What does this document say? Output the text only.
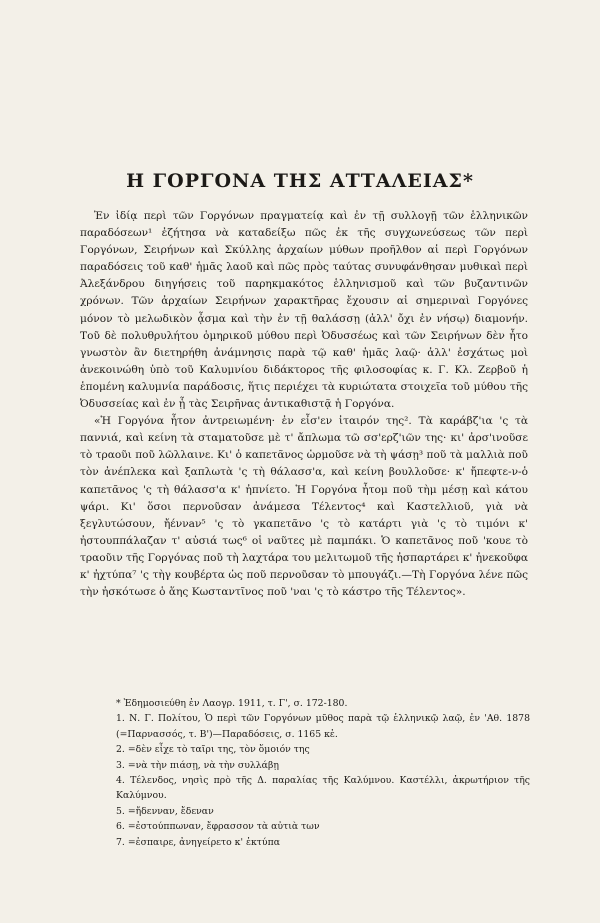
Η ΓΟΡΓΟΝΑ ΤΗΣ ΑΤΤΑΛΕΙΑΣ*

Ἐν ἰδίᾳ περὶ τῶν Γοργόνων πραγματείᾳ καὶ ἐν τῇ συλλογῇ τῶν ἑλληνικῶν παραδόσεων¹ ἐζήτησα νὰ καταδείξω πῶς ἐκ τῆς συγχωνεύσεως τῶν περὶ Γοργόνων, Σειρήνων καὶ Σκύλλης ἀρχαίων μύθων προῆλθον αἱ περὶ Γοργόνων παραδόσεις τοῦ καθ' ἡμᾶς λαοῦ καὶ πῶς πρὸς ταύτας συνυφάνθησαν μυθικαὶ περὶ Ἀλεξάνδρου διηγήσεις τοῦ παρηκμακότος ἑλληνισμοῦ καὶ τῶν βυζαντινῶν χρόνων. Τῶν ἀρχαίων Σειρήνων χαρακτῆρας ἔχουσιν αἱ σημεριναὶ Γοργόνες μόνον τὸ μελωδικὸν ᾆσμα καὶ τὴν ἐν τῇ θαλάσσῃ (ἀλλ' ὄχι ἐν νήσῳ) διαμονήν. Τοῦ δὲ πολυθρυλήτου ὁμηρικοῦ μύθου περὶ Ὀδυσσέως καὶ τῶν Σειρήνων δὲν ἦτο γνωστὸν ἂν διετηρήθη ἀνάμνησις παρὰ τῷ καθ' ἡμᾶς λαῷ· ἀλλ' ἐσχάτως μοὶ ἀνεκοινώθη ὑπὸ τοῦ Καλυμνίου διδάκτορος τῆς φιλοσοφίας κ. Γ. Κλ. Ζερβοῦ ἡ ἑπομένη καλυμνία παράδοσις, ἥτις περιέχει τὰ κυριώτατα στοιχεῖα τοῦ μύθου τῆς Ὀδυσσείας καὶ ἐν ᾗ τὰς Σειρῆνας ἀντικαθιστᾷ ἡ Γοργόνα.

«Ἡ Γοργόνα ἦτον ἀντρειωμένη· ἐν εἶσ'εν ἰταιρόν της². Τὰ καράβζ'ια 'ς τὰ παννιά, καὶ κείνη τὰ σταματοῦσε μὲ τ' ἄπλωμα τῶ σσ'ερζ'ιῶν της· κι' ἀρσ'ινοῦσε τὸ τραοῦι ποῦ λῶλλαινε. Κι' ὁ καπετᾶνος ὡρμοῦσε νὰ τὴ ψάσῃ³ ποῦ τὰ μαλλιὰ ποῦ τὸν ἀνέπλεκα καὶ ξαπλωτὰ 'ς τὴ θάλασσ'α, καὶ κείνη βουλλοῦσε· κ' ἤπεφτε-ν-ὁ καπετᾶνος 'ς τὴ θάλασσ'α κ' ἠπνίετο. Ἡ Γοργόνα ἦτομ ποῦ τὴμ μέσῃ καὶ κάτου ψάρι. Κι' ὅσοι περνοῦσαν ἀνάμεσα Τέλεντος⁴ καὶ Καστελλιοῦ, γιὰ νὰ ξεγλυτώσουν, ἤέννaν⁵ 'ς τὸ γκαπετᾶνο 'ς τὸ κατάρτι γιὰ 'ς τὸ τιμόνι κ' ἠστουππάλαζαν τ' αὐσιά τως⁶ οἱ ναῦτες μὲ παμπάκι. Ὁ καπετᾶνος ποῦ 'κουε τὸ τραοῦιν τῆς Γοργόνας ποῦ τὴ λαχτάρα του μελιτωμοῦ τῆς ἠσπαρτάρει κ' ἠνεκοῦφα κ' ἠχτύπα⁷ 'ς τὴγ κουβέρτα ὡς ποῦ περνοῦσαν τὸ μπουγάζι.—Τὴ Γοργόνα λένε πῶς τὴν ἠσκότωσε ὁ ἅης Κωσταντῖνος ποῦ 'ναι 'ς τὸ κάστρο τῆς Τέλεντος».

* Ἐδημοσιεύθη ἐν Λαογρ. 1911, τ. Γ', σ. 172-180.
1. Ν. Γ. Πολίτου, Ὁ περὶ τῶν Γοργόνων μῦθος παρὰ τῷ ἑλληνικῷ λαῷ, ἐν 'Αθ. 1878 (=Παρνασσός, τ. Β')—Παραδόσεις, σ. 1165 κἑ.
2. =δὲν εἶχε τὸ ταῖρι της, τὸν ὅμοιόν της
3. =νὰ τὴν πιάσῃ, νὰ τὴν συλλάβῃ
4. Τέλενδος, νησὶς πρὸ τῆς Δ. παραλίας τῆς Καλύμνου. Καστέλλι, ἀκρωτήριον τῆς Καλύμνου.
5. =ἤδενναν, ἔδεναν
6. =ἐστούππωναν, ἔφρασσον τὰ αὐτιὰ των
7. =ἐσπαιρε, ἀνηγείρετο κ' ἐκτύπα
